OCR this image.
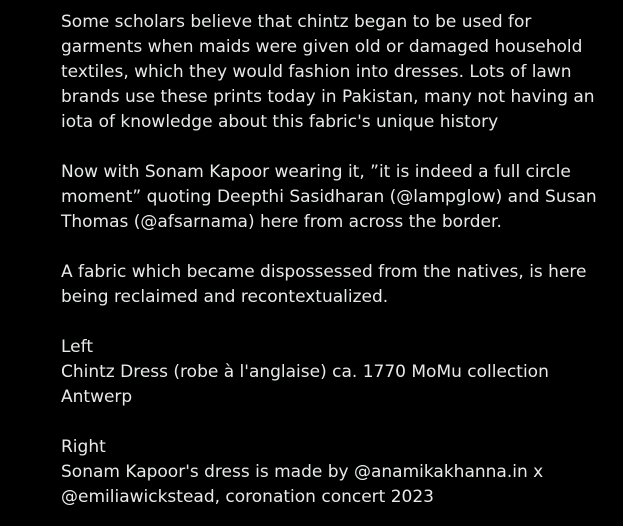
Some scholars believe that chintz began to be used for garments when maids were given old or damaged household textiles, which they would fashion into dresses. Lots of lawn brands use these prints today in Pakistan, many not having an iota of knowledge about this fabric's unique history

Now with Sonam Kapoor wearing it, ”it is indeed a full circle moment” quoting Deepthi Sasidharan (@lampglow) and Susan Thomas (@afsarnama) here from across the border.

A fabric which became dispossessed from the natives, is here being reclaimed and recontextualized.

Left
Chintz Dress (robe à l'anglaise) ca. 1770 MoMu collection Antwerp

Right
Sonam Kapoor's dress is made by @anamikakhanna.in x @emiliawickstead, coronation concert 2023
